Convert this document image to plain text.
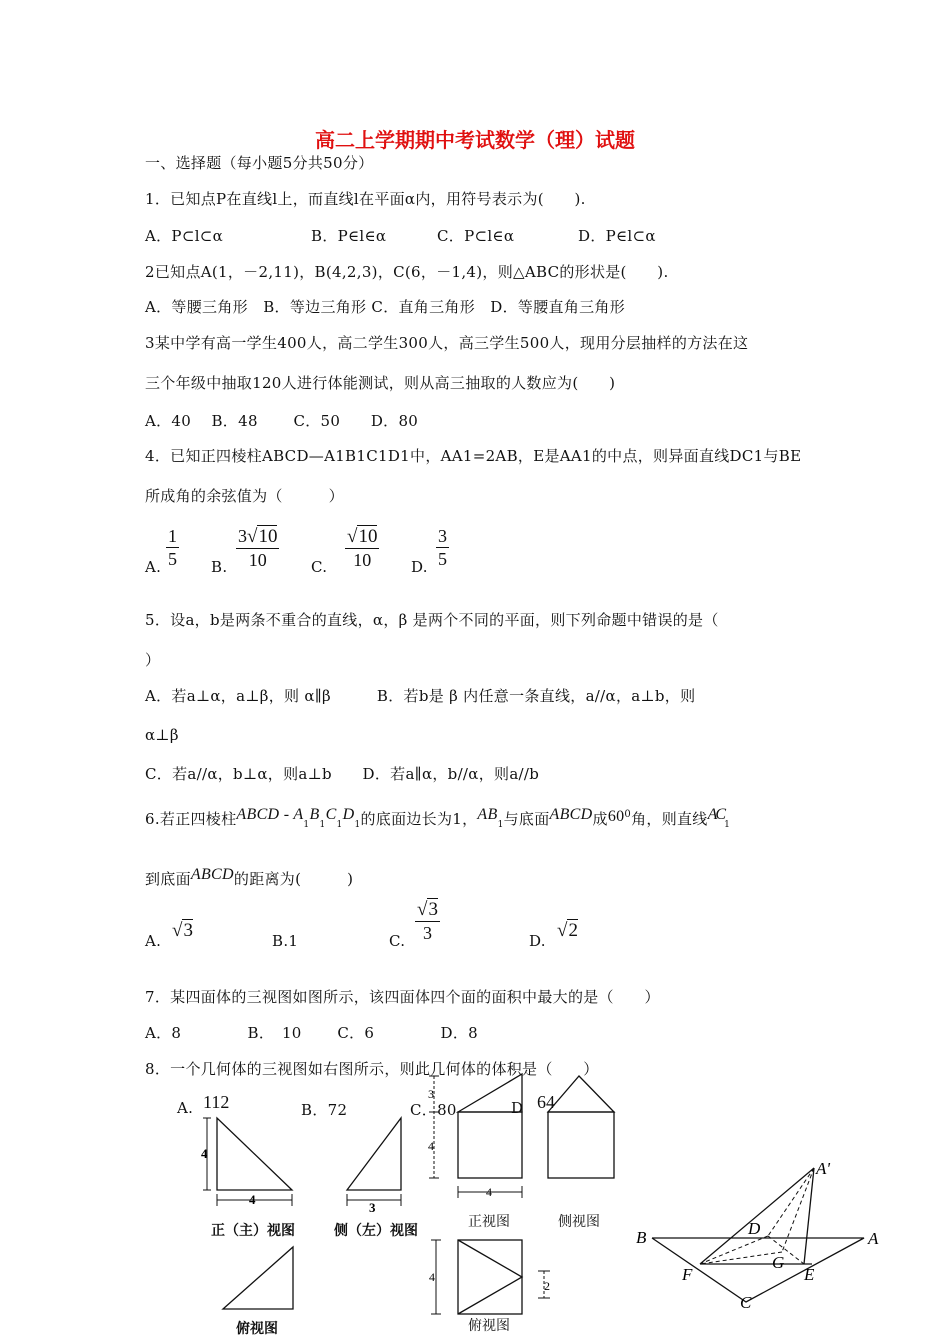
高二上学期期中考试数学（理）试题
一、选择题（每小题5分共50分）
1．已知点P在直线l上，而直线l在平面α内，用符号表示为(　　).
A．P⊂l⊂α	B．P∈l∈α	C．P⊂l∈α	D．P∈l⊂α
2已知点A(1，－2,11)，B(4,2,3)，C(6，－1,4)，则△ABC的形状是(　　).
A．等腰三角形　B．等边三角形 C．直角三角形　D．等腰直角三角形
3某中学有高一学生400人，高二学生300人，高三学生500人，现用分层抽样的方法在这
三个年级中抽取120人进行体能测试，则从高三抽取的人数应为(　　)
A．40　 B．48　　 C．50　　D．80
4．已知正四棱柱ABCD—A1B1C1D1中，AA1=2AB，E是AA1的中点，则异面直线DC1与BE
所成角的余弦值为（　　　）
A. $\frac{1}{5} B$. $\frac{3√10}{10} C$. $\frac{√10}{10} D$. $\frac{3}{5}$
5．设a，b是两条不重合的直线，α，β 是两个不同的平面，则下列命题中错误的是（
）
A．若a⊥α，a⊥β，则 α∥β　　　B．若b是 β 内任意一条直线，a//α，a⊥b，则
α⊥β
C．若a//α，b⊥α，则a⊥b　　D．若a∥α，b//α，则a//b
6.若正四棱柱ABCD - $A_1B_1C_1D_1$的底面边长为1，$AB_1$与底面ABCD成$60^0$角，则直线$AC_1$
到底面ABCD的距离为(　　　)
A. √3	B.1	C. $\frac{√3}{3}$	D. √2
7．某四面体的三视图如图所示，该四面体四个面的面积中最大的是（　　）
A．8　　　　 B．　10　　 C．6　　　　 D．8
8．一个几何体的三视图如右图所示，则此几何体的体积是（　　）
A. 112	B．72	C．80	D 64
4
4
3
正（主）视图	侧（左）视图
俯视图
3
4
4
4
2
正视图	侧视图
俯视图
A'
B	D
A
G
F	E
C
